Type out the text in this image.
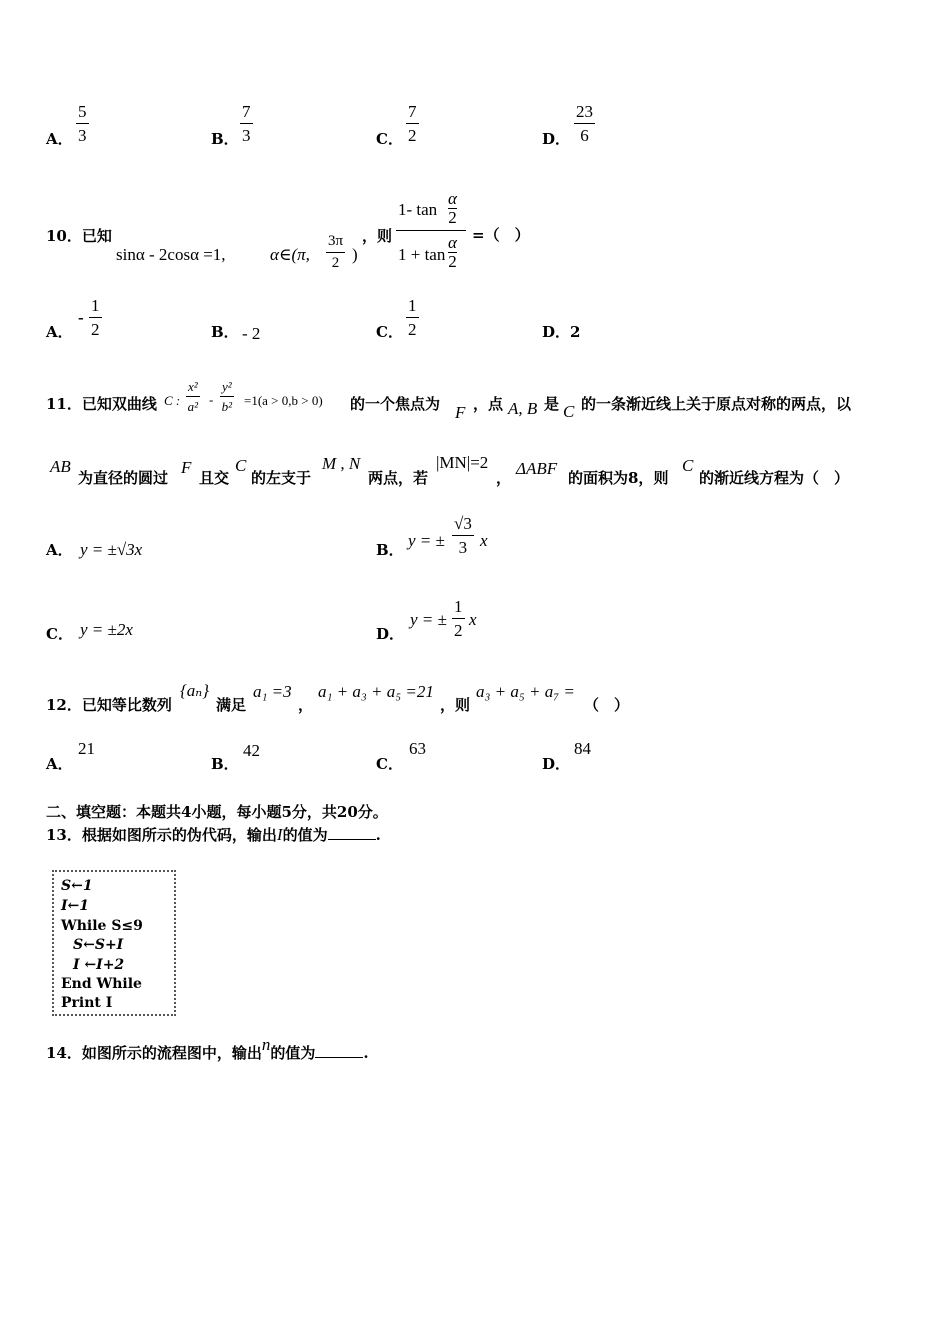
A． $\frac{5}{3}$	B． $\frac{7}{3}$	C． $\frac{7}{2}$	D． $\frac{23}{6}$
10．已知
sinα - 2cosα =1,	α∈(π, $\frac{3\pi}{2}$ )
，则
1- tan
α
2
1 + tan
α
2
=（　）
A．
- $\frac{1}{2}$	B． - 2	C． $\frac{1}{2}$	D．2
11．已知双曲线 C : $\frac{\text{x²}}{\text{a²}} - \frac{\text{y²}}{\text{b²}} =1(a > 0,b > 0)$ 的一个焦点为 F ，点 A, B 是 C 的一条渐近线上关于原点对称的两点，以
AB
为直径的圆过
F
且交
C
的左支于
M , N
两点，若
|MN|=2
， ΔABF 的面积为8，则
C
的渐近线方程为（　）
A． y = ±√3x	B． y = ± $\frac{√3}{3}$ x
C． y = ±2x	D．
y = ± $\frac{1}{2}$ x
12．已知等比数列
{aₙ}
满足
a₁ =3
，
a₁ + a₃ + a₅ =21
，则
a₃ + a₅ + a₇ =
（　）
A．
21
B．
42
C．
63
D．
84
二、填空题：本题共4小题，每小题5分，共20分。
13．根据如图所示的伪代码，输出I的值为	.
S←1
I←1
While S≤9
S←S+I
I ←I+2
End While
Print I
14．如图所示的流程图中，输出n的值为	.
